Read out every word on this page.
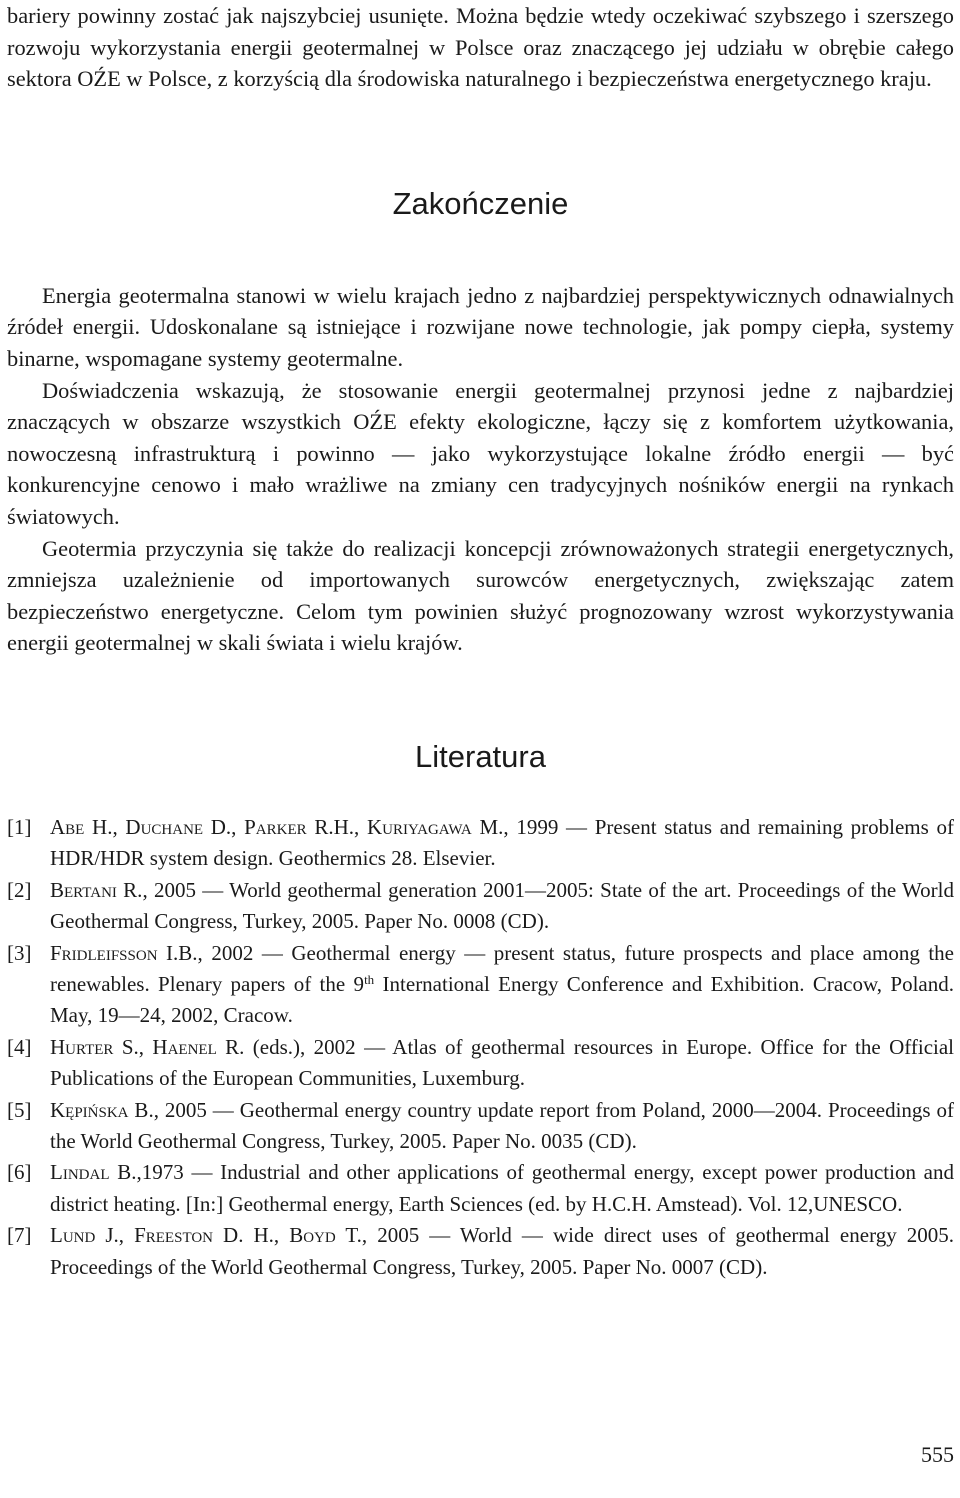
bariery powinny zostać jak najszybciej usunięte. Można będzie wtedy oczekiwać szybszego i szerszego rozwoju wykorzystania energii geotermalnej w Polsce oraz znaczącego jej udziału w obrębie całego sektora OŹE w Polsce, z korzyścią dla środowiska naturalnego i bezpieczeństwa energetycznego kraju.

Zakończenie

Energia geotermalna stanowi w wielu krajach jedno z najbardziej perspektywicznych odnawialnych źródeł energii. Udoskonalane są istniejące i rozwijane nowe technologie, jak pompy ciepła, systemy binarne, wspomagane systemy geotermalne.

Doświadczenia wskazują, że stosowanie energii geotermalnej przynosi jedne z najbardziej znaczących w obszarze wszystkich OŹE efekty ekologiczne, łączy się z komfortem użytkowania, nowoczesną infrastrukturą i powinno — jako wykorzystujące lokalne źródło energii — być konkurencyjne cenowo i mało wrażliwe na zmiany cen tradycyjnych nośników energii na rynkach światowych.

Geotermia przyczynia się także do realizacji koncepcji zrównoważonych strategii energetycznych, zmniejsza uzależnienie od importowanych surowców energetycznych, zwiększając zatem bezpieczeństwo energetyczne. Celom tym powinien służyć prognozowany wzrost wykorzystywania energii geotermalnej w skali świata i wielu krajów.

Literatura
[1] Abe H., Duchane D., Parker R.H., Kuriyagawa M., 1999 — Present status and remaining problems of HDR/HDR system design. Geothermics 28. Elsevier.
[2] Bertani R., 2005 — World geothermal generation 2001—2005: State of the art. Proceedings of the World Geothermal Congress, Turkey, 2005. Paper No. 0008 (CD).
[3] Fridleifsson I.B., 2002 — Geothermal energy — present status, future prospects and place among the renewables. Plenary papers of the 9th International Energy Conference and Exhibition. Cracow, Poland. May, 19—24, 2002, Cracow.
[4] Hurter S., Haenel R. (eds.), 2002 — Atlas of geothermal resources in Europe. Office for the Official Publications of the European Communities, Luxemburg.
[5] Kępińska B., 2005 — Geothermal energy country update report from Poland, 2000—2004. Proceedings of the World Geothermal Congress, Turkey, 2005. Paper No. 0035 (CD).
[6] Lindal B.,1973 — Industrial and other applications of geothermal energy, except power production and district heating. [In:] Geothermal energy, Earth Sciences (ed. by H.C.H. Amstead). Vol. 12,UNESCO.
[7] Lund J., Freeston D. H., Boyd T., 2005 — World — wide direct uses of geothermal energy 2005. Proceedings of the World Geothermal Congress, Turkey, 2005. Paper No. 0007 (CD).
555
